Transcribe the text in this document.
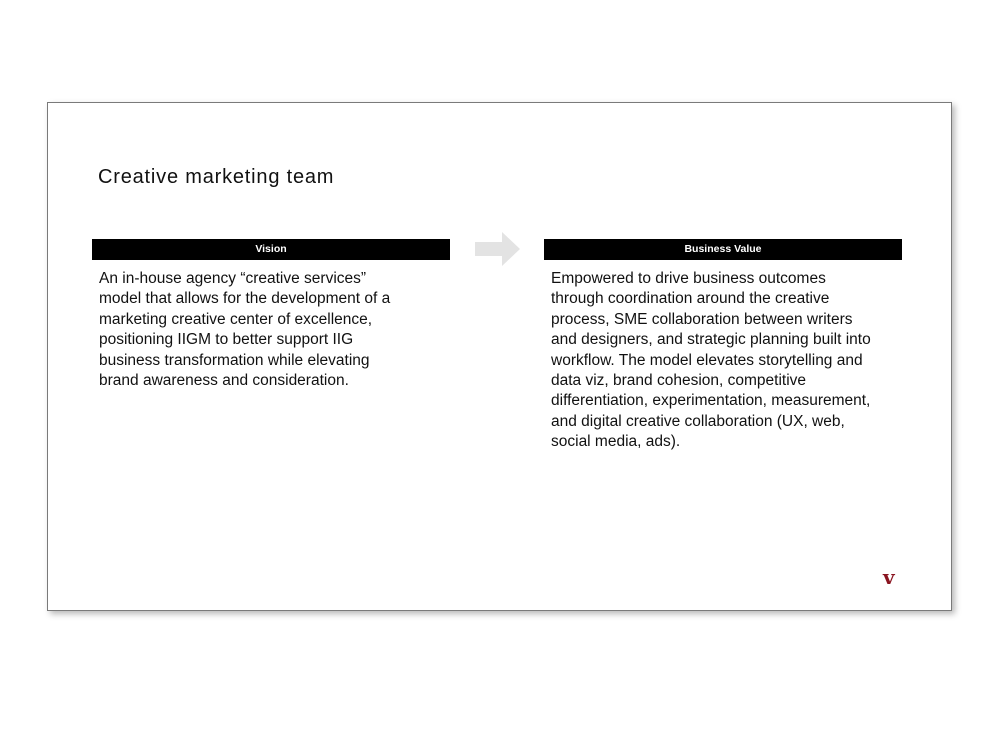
Creative marketing team
Vision

An in-house agency “creative services” model that allows for the development of a marketing creative center of excellence, positioning IIGM to better support IIG business transformation while elevating brand awareness and consideration.

Business Value

Empowered to drive business outcomes through coordination around the creative process, SME collaboration between writers and designers, and strategic planning built into workflow. The model elevates storytelling and data viz, brand cohesion, competitive differentiation, experimentation, measurement, and digital creative collaboration (UX, web, social media, ads).

v
